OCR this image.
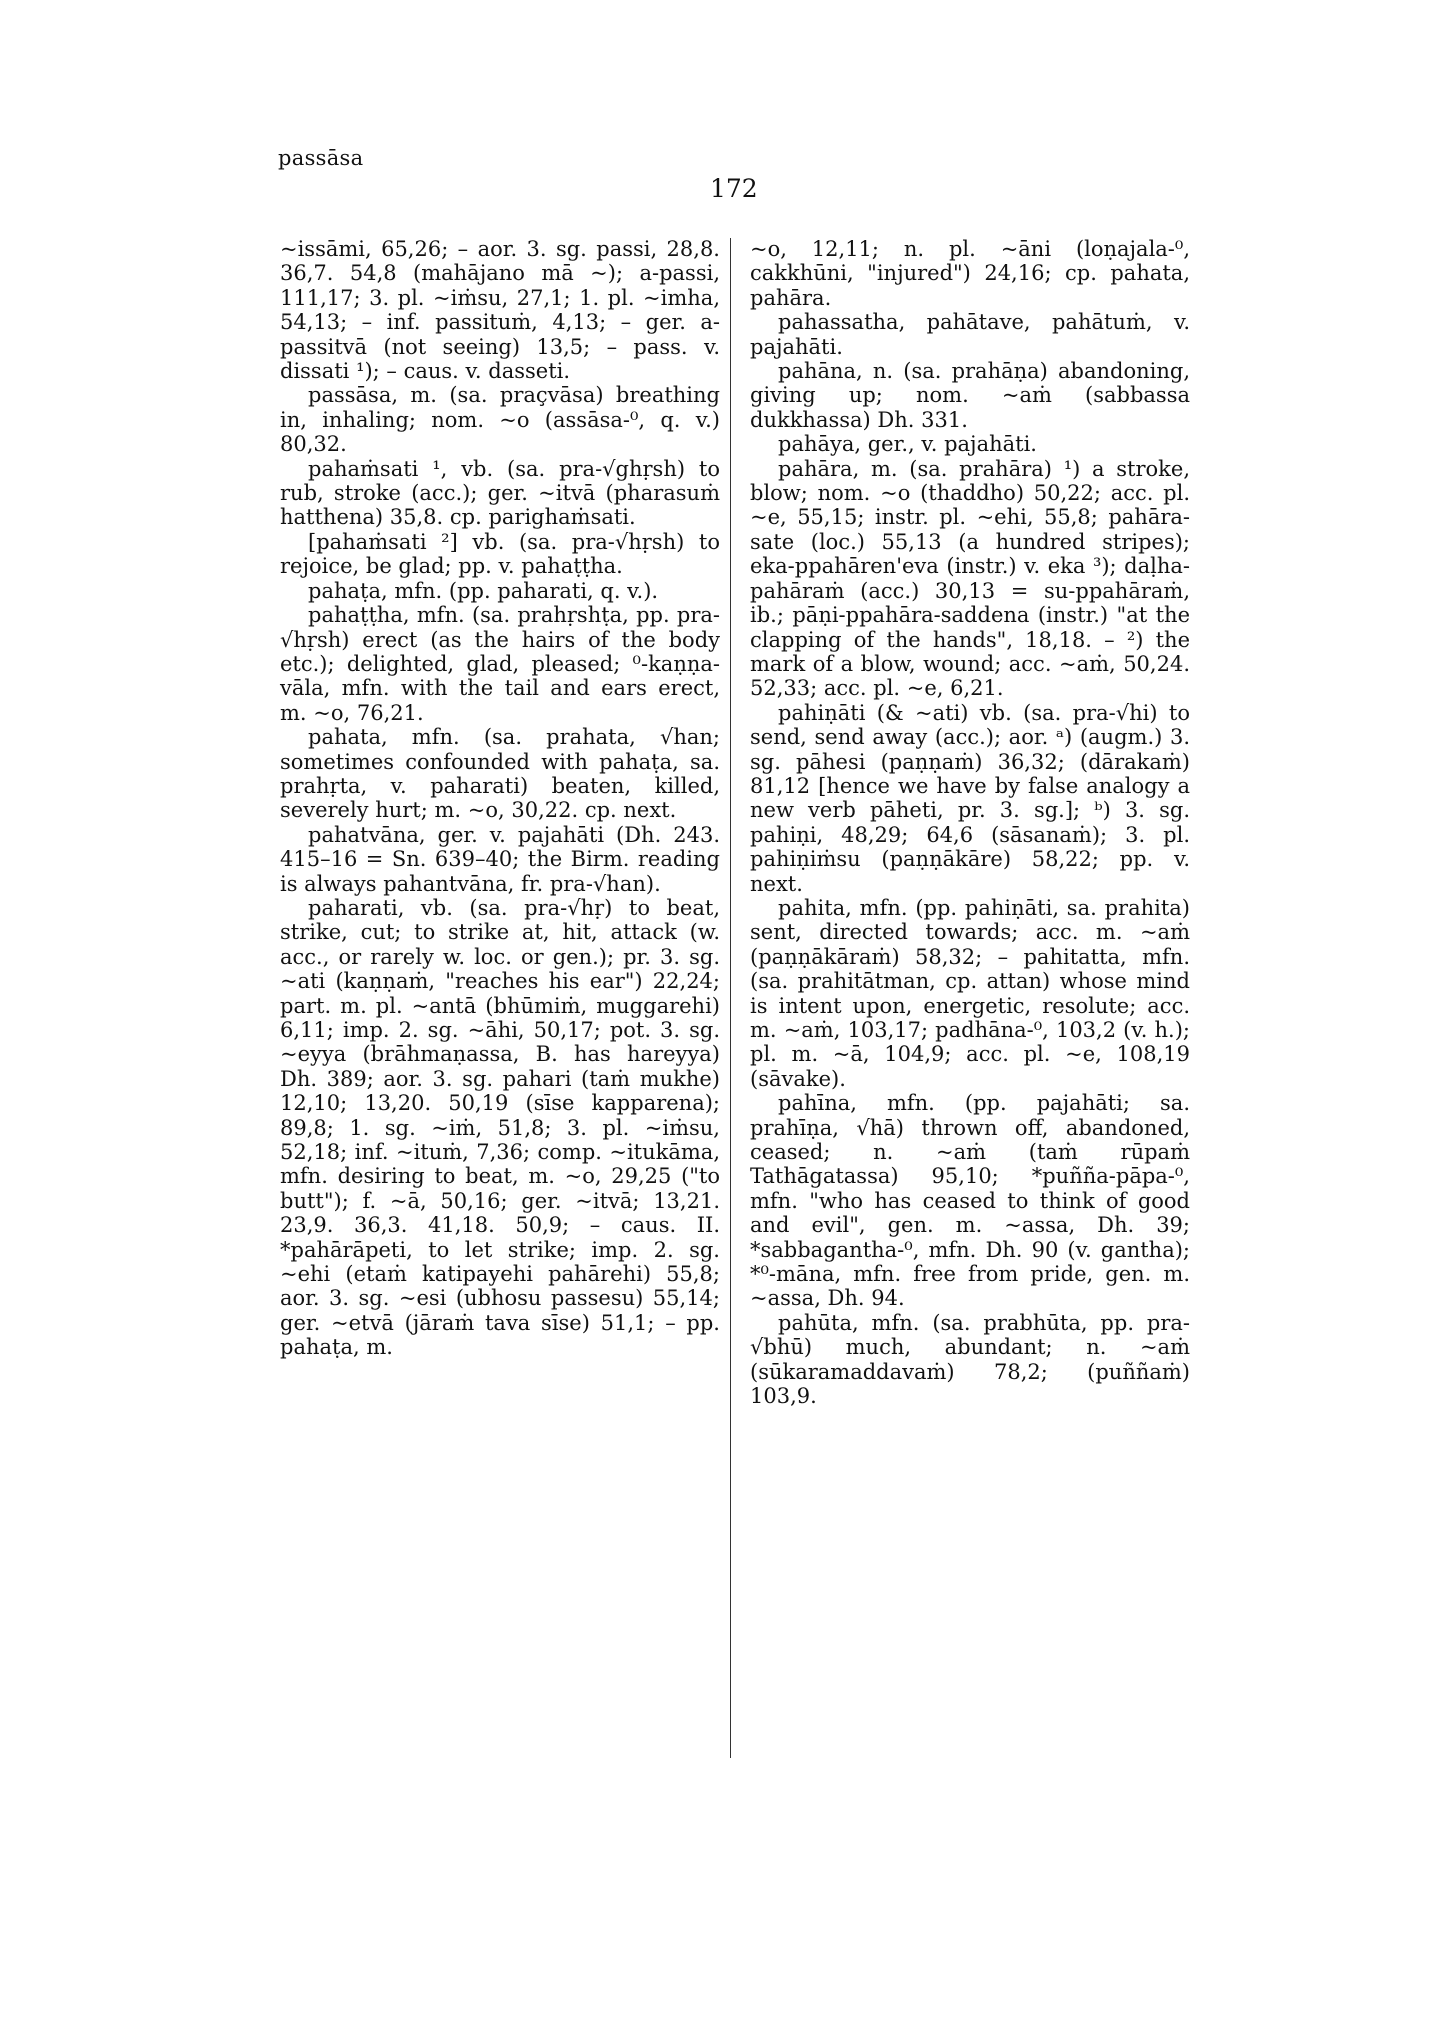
passāsa
172

~issāmi, 65,26; – aor. 3. sg. passi, 28,8. 36,7. 54,8 (mahājano mā ~); a-passi, 111,17; 3. pl. ~iṁsu, 27,1; 1. pl. ~imha, 54,13; – inf. passituṁ, 4,13; – ger. a-passitvā (not seeing) 13,5; – pass. v. dissati ¹); – caus. v. dasseti.

passāsa, m. (sa. praçvāsa) breathing in, inhaling; nom. ~o (assāsa-⁰, q. v.) 80,32.

pahaṁsati ¹, vb. (sa. pra-√ghṛsh) to rub, stroke (acc.); ger. ~itvā (pharasuṁ hatthena) 35,8. cp. parighaṁsati.

[pahaṁsati ²] vb. (sa. pra-√hṛsh) to rejoice, be glad; pp. v. pahaṭṭha.

pahaṭa, mfn. (pp. paharati, q. v.).

pahaṭṭha, mfn. (sa. prahṛshṭa, pp. pra-√hṛsh) erect (as the hairs of the body etc.); delighted, glad, pleased; ⁰-kaṇṇa-vāla, mfn. with the tail and ears erect, m. ~o, 76,21.

pahata, mfn. (sa. prahata, √han; sometimes confounded with pahaṭa, sa. prahṛta, v. paharati) beaten, killed, severely hurt; m. ~o, 30,22. cp. next.

pahatvāna, ger. v. pajahāti (Dh. 243. 415–16 = Sn. 639–40; the Birm. reading is always pahantvāna, fr. pra-√han).

paharati, vb. (sa. pra-√hṛ) to beat, strike, cut; to strike at, hit, attack (w. acc., or rarely w. loc. or gen.); pr. 3. sg. ~ati (kaṇṇaṁ, "reaches his ear") 22,24; part. m. pl. ~antā (bhūmiṁ, muggarehi) 6,11; imp. 2. sg. ~āhi, 50,17; pot. 3. sg. ~eyya (brāhmaṇassa, B. has hareyya) Dh. 389; aor. 3. sg. pahari (taṁ mukhe) 12,10; 13,20. 50,19 (sīse kapparena); 89,8; 1. sg. ~iṁ, 51,8; 3. pl. ~iṁsu, 52,18; inf. ~ituṁ, 7,36; comp. ~itukāma, mfn. desiring to beat, m. ~o, 29,25 ("to butt"); f. ~ā, 50,16; ger. ~itvā; 13,21. 23,9. 36,3. 41,18. 50,9; – caus. II. *pahārāpeti, to let strike; imp. 2. sg. ~ehi (etaṁ katipayehi pahārehi) 55,8; aor. 3. sg. ~esi (ubhosu passesu) 55,14; ger. ~etvā (jāraṁ tava sīse) 51,1; – pp. pahaṭa, m.

~o, 12,11; n. pl. ~āni (loṇajala-⁰, cakkhūni, "injured") 24,16; cp. pahata, pahāra.

pahassatha, pahātave, pahātuṁ, v. pajahāti.

pahāna, n. (sa. prahāṇa) abandoning, giving up; nom. ~aṁ (sabbassa dukkhassa) Dh. 331.

pahāya, ger., v. pajahāti.

pahāra, m. (sa. prahāra) ¹) a stroke, blow; nom. ~o (thaddho) 50,22; acc. pl. ~e, 55,15; instr. pl. ~ehi, 55,8; pahāra-sate (loc.) 55,13 (a hundred stripes); eka-ppahāren'eva (instr.) v. eka ³); daḷha-pahāraṁ (acc.) 30,13 = su-ppahāraṁ, ib.; pāṇi-ppahāra-saddena (instr.) "at the clapping of the hands", 18,18. – ²) the mark of a blow, wound; acc. ~aṁ, 50,24. 52,33; acc. pl. ~e, 6,21.

pahiṇāti (& ~ati) vb. (sa. pra-√hi) to send, send away (acc.); aor. ᵃ) (augm.) 3. sg. pāhesi (paṇṇaṁ) 36,32; (dārakaṁ) 81,12 [hence we have by false analogy a new verb pāheti, pr. 3. sg.]; ᵇ) 3. sg. pahiṇi, 48,29; 64,6 (sāsanaṁ); 3. pl. pahiṇiṁsu (paṇṇākāre) 58,22; pp. v. next.

pahita, mfn. (pp. pahiṇāti, sa. prahita) sent, directed towards; acc. m. ~aṁ (paṇṇākāraṁ) 58,32; – pahitatta, mfn. (sa. prahitātman, cp. attan) whose mind is intent upon, energetic, resolute; acc. m. ~aṁ, 103,17; padhāna-⁰, 103,2 (v. h.); pl. m. ~ā, 104,9; acc. pl. ~e, 108,19 (sāvake).

pahīna, mfn. (pp. pajahāti; sa. prahīṇa, √hā) thrown off, abandoned, ceased; n. ~aṁ (taṁ rūpaṁ Tathāgatassa) 95,10; *puñña-pāpa-⁰, mfn. "who has ceased to think of good and evil", gen. m. ~assa, Dh. 39; *sabbagantha-⁰, mfn. Dh. 90 (v. gantha); *⁰-māna, mfn. free from pride, gen. m. ~assa, Dh. 94.

pahūta, mfn. (sa. prabhūta, pp. pra-√bhū) much, abundant; n. ~aṁ (sūkaramaddavaṁ) 78,2; (puññaṁ) 103,9.
